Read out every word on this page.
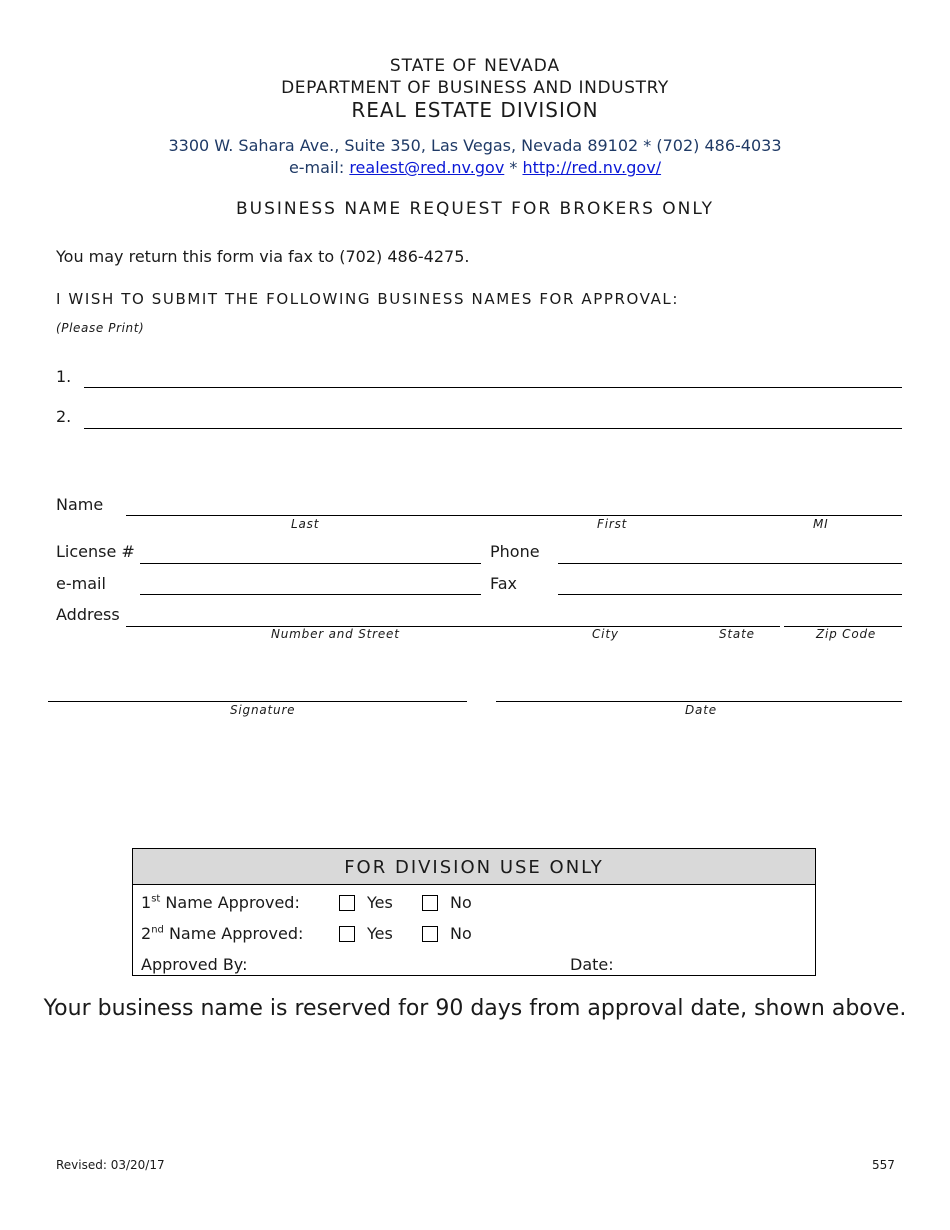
STATE OF NEVADA
DEPARTMENT OF BUSINESS AND INDUSTRY
REAL ESTATE DIVISION
3300 W. Sahara Ave., Suite 350, Las Vegas, Nevada 89102 * (702) 486-4033
e-mail: realest@red.nv.gov * http://red.nv.gov/
BUSINESS NAME REQUEST FOR BROKERS ONLY
You may return this form via fax to (702) 486-4275.
I WISH TO SUBMIT THE FOLLOWING BUSINESS NAMES FOR APPROVAL:
(Please Print)
1.
2.
Name
Last	First	MI
License #	Phone
e-mail	Fax
Address
Number and Street	City	State	Zip Code
Signature	Date
FOR DIVISION USE ONLY
1st Name Approved:	Yes	No
2nd Name Approved:	Yes	No
Approved By:	Date:
Your business name is reserved for 90 days from approval date, shown above.
Revised: 03/20/17	557
